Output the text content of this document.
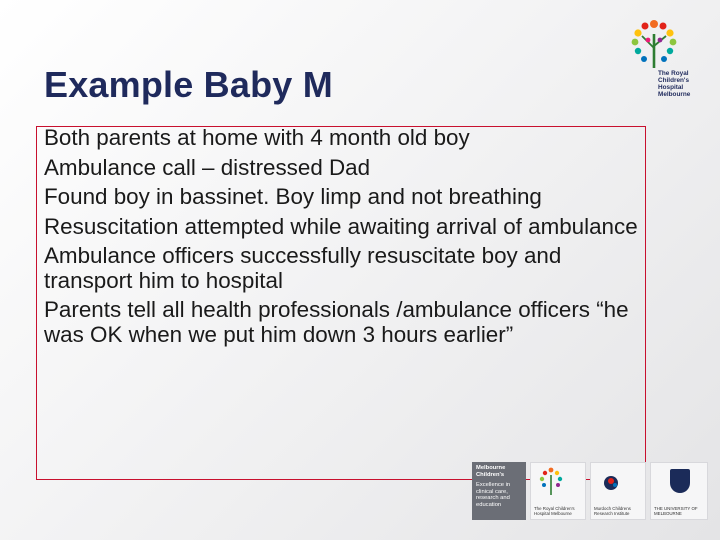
Example Baby M
Both parents at home with 4 month old boy
Ambulance call – distressed Dad
Found boy in bassinet. Boy limp and not breathing
Resuscitation attempted while awaiting arrival of ambulance
Ambulance officers successfully resuscitate boy and transport him to hospital
Parents tell all health professionals /ambulance officers “he was OK when we put him down 3 hours earlier”
The Royal Children's Hospital Melbourne
Melbourne Children's
Excellence in clinical care, research and education
The Royal Children's Hospital Melbourne
Murdoch Childrens Research Institute
THE UNIVERSITY OF MELBOURNE
